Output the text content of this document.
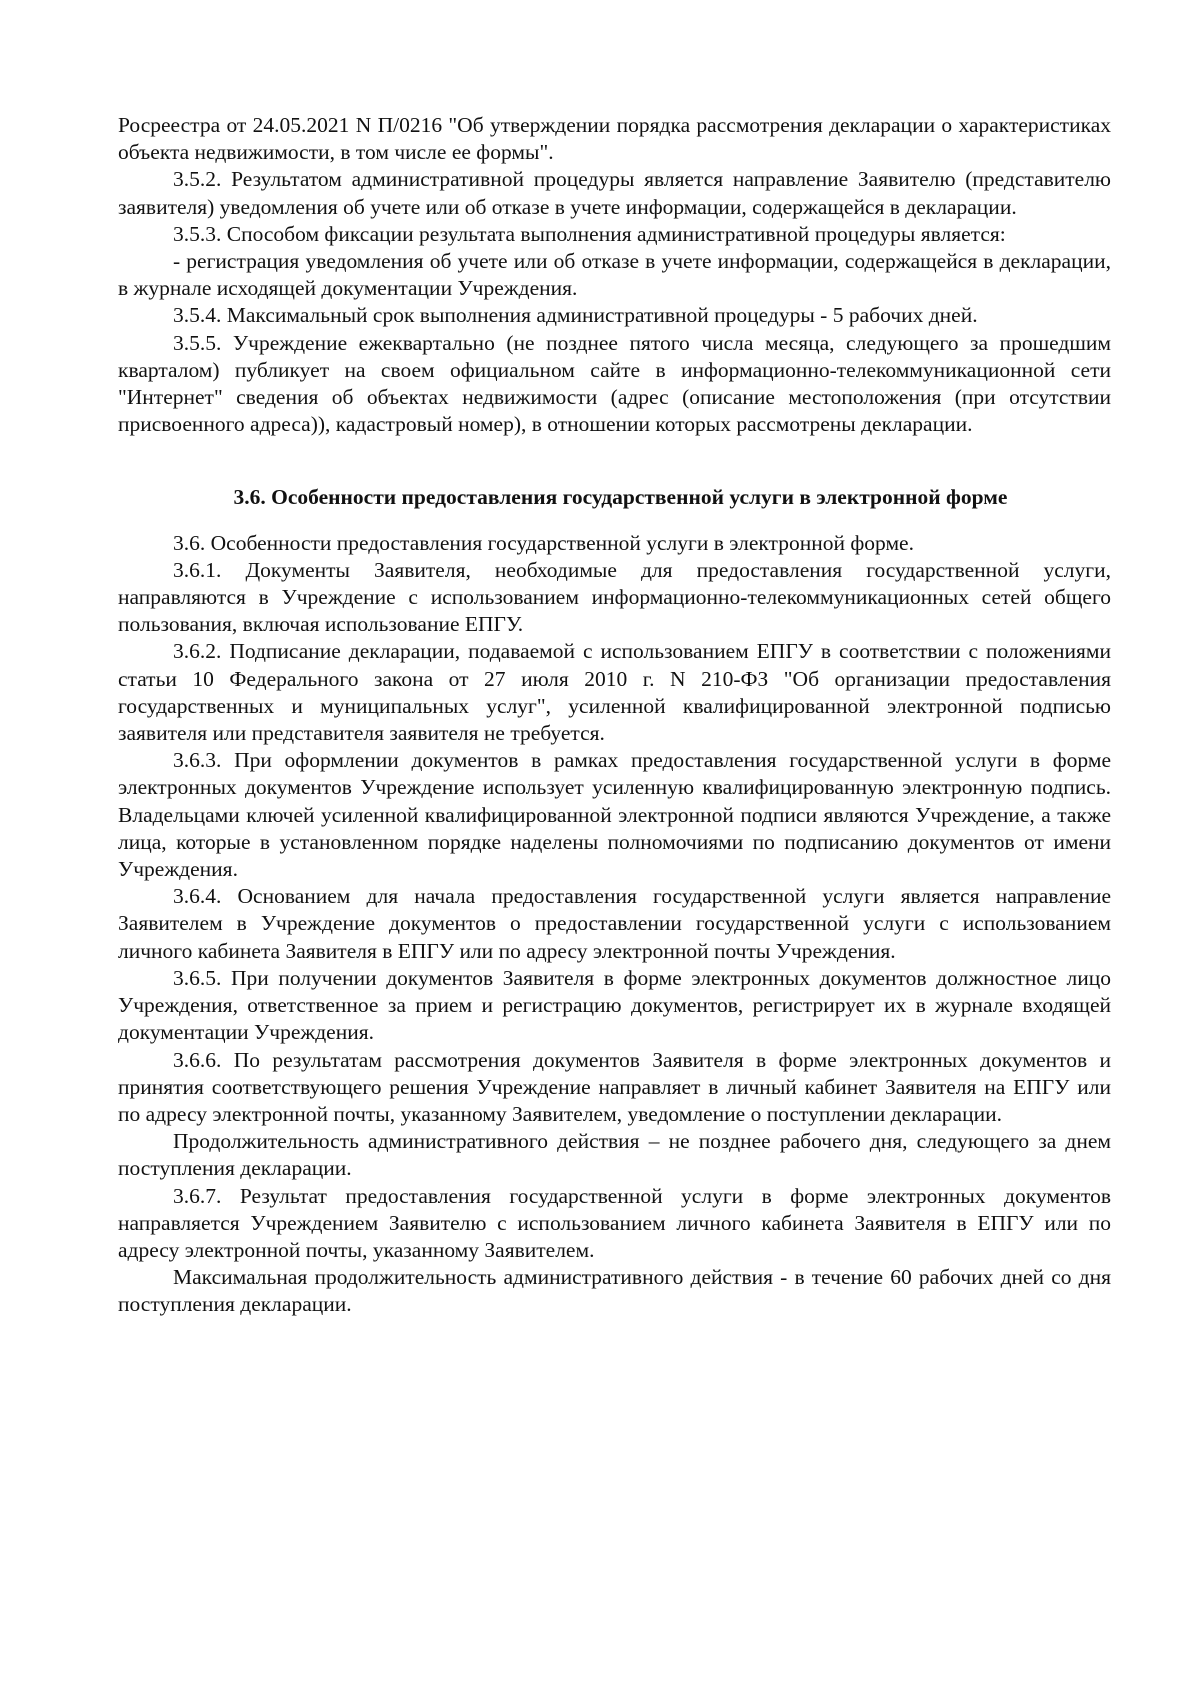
Росреестра от 24.05.2021 N П/0216 "Об утверждении порядка рассмотрения декларации о характеристиках объекта недвижимости, в том числе ее формы".

3.5.2. Результатом административной процедуры является направление Заявителю (представителю заявителя) уведомления об учете или об отказе в учете информации, содержащейся в декларации.

3.5.3. Способом фиксации результата выполнения административной процедуры является:

- регистрация уведомления об учете или об отказе в учете информации, содержащейся в декларации, в журнале исходящей документации Учреждения.

3.5.4. Максимальный срок выполнения административной процедуры - 5 рабочих дней.

3.5.5. Учреждение ежеквартально (не позднее пятого числа месяца, следующего за прошедшим кварталом) публикует на своем официальном сайте в информационно-телекоммуникационной сети "Интернет" сведения об объектах недвижимости (адрес (описание местоположения (при отсутствии присвоенного адреса)), кадастровый номер), в отношении которых рассмотрены декларации.

3.6. Особенности предоставления государственной услуги в электронной форме

3.6. Особенности предоставления государственной услуги в электронной форме.

3.6.1. Документы Заявителя, необходимые для предоставления государственной услуги, направляются в Учреждение с использованием информационно-телекоммуникационных сетей общего пользования, включая использование ЕПГУ.

3.6.2. Подписание декларации, подаваемой с использованием ЕПГУ в соответствии с положениями статьи 10 Федерального закона от 27 июля 2010 г. N 210-ФЗ "Об организации предоставления государственных и муниципальных услуг", усиленной квалифицированной электронной подписью заявителя или представителя заявителя не требуется.

3.6.3. При оформлении документов в рамках предоставления государственной услуги в форме электронных документов Учреждение использует усиленную квалифицированную электронную подпись. Владельцами ключей усиленной квалифицированной электронной подписи являются Учреждение, а также лица, которые в установленном порядке наделены полномочиями по подписанию документов от имени Учреждения.

3.6.4. Основанием для начала предоставления государственной услуги является направление Заявителем в Учреждение документов о предоставлении государственной услуги с использованием личного кабинета Заявителя в ЕПГУ или по адресу электронной почты Учреждения.

3.6.5. При получении документов Заявителя в форме электронных документов должностное лицо Учреждения, ответственное за прием и регистрацию документов, регистрирует их в журнале входящей документации Учреждения.

3.6.6. По результатам рассмотрения документов Заявителя в форме электронных документов и принятия соответствующего решения Учреждение направляет в личный кабинет Заявителя на ЕПГУ или по адресу электронной почты, указанному Заявителем, уведомление о поступлении декларации.

Продолжительность административного действия – не позднее рабочего дня, следующего за днем поступления декларации.

3.6.7. Результат предоставления государственной услуги в форме электронных документов направляется Учреждением Заявителю с использованием личного кабинета Заявителя в ЕПГУ или по адресу электронной почты, указанному Заявителем.

Максимальная продолжительность административного действия - в течение 60 рабочих дней со дня поступления декларации.
